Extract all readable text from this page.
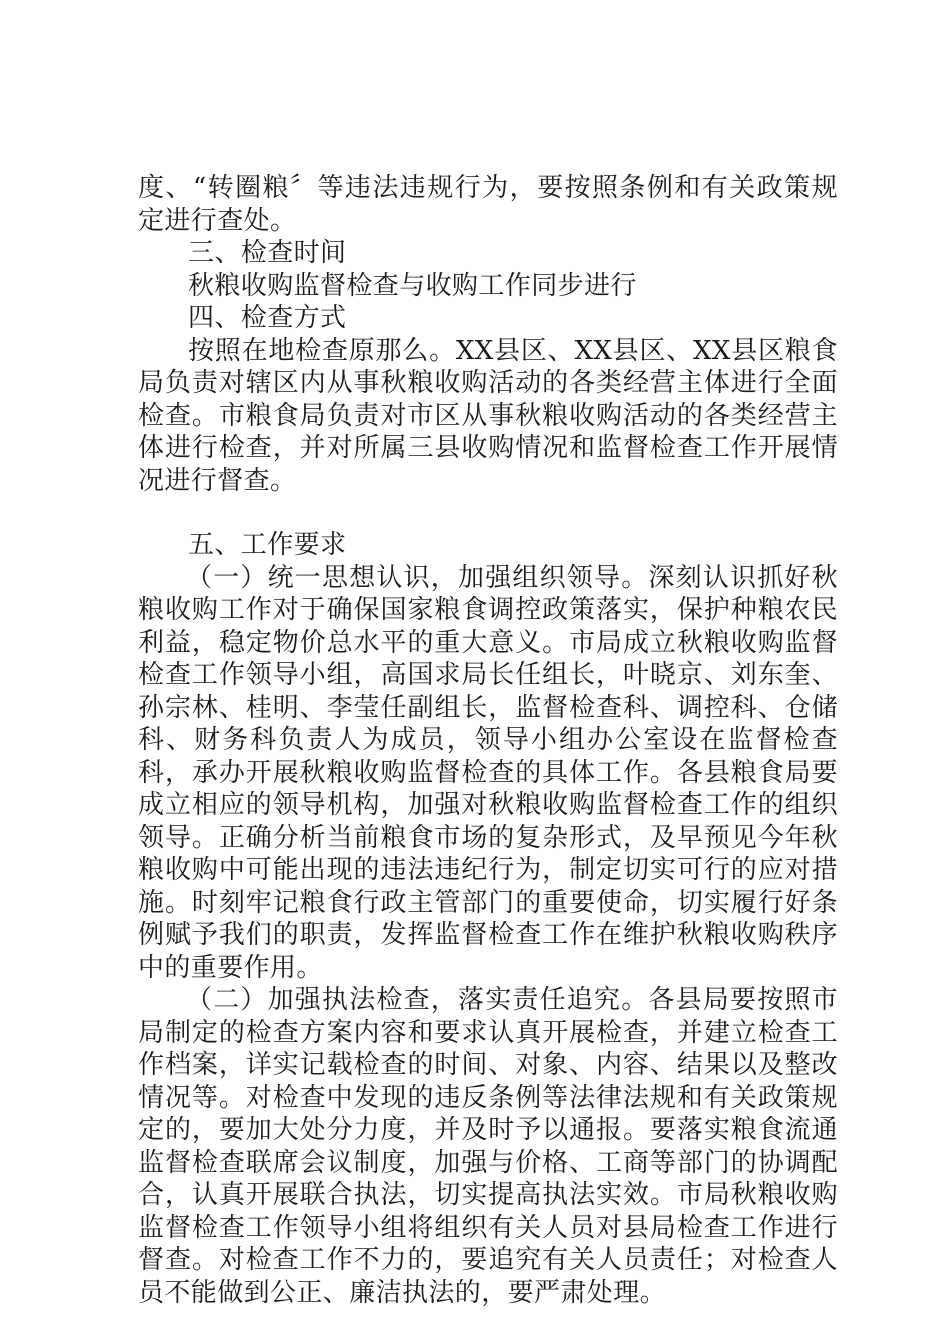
度、“转圈粮〞等违法违规行为，要按照条例和有关政策规定进行查处。

三、检查时间

秋粮收购监督检查与收购工作同步进行

四、检查方式

按照在地检查原那么。XX县区、XX县区、XX县区粮食局负责对辖区内从事秋粮收购活动的各类经营主体进行全面检查。市粮食局负责对市区从事秋粮收购活动的各类经营主体进行检查，并对所属三县收购情况和监督检查工作开展情况进行督查。

五、工作要求

（一）统一思想认识，加强组织领导。深刻认识抓好秋粮收购工作对于确保国家粮食调控政策落实，保护种粮农民利益，稳定物价总水平的重大意义。市局成立秋粮收购监督检查工作领导小组，高国求局长任组长，叶晓京、刘东奎、孙宗林、桂明、李莹任副组长，监督检查科、调控科、仓储科、财务科负责人为成员，领导小组办公室设在监督检查科，承办开展秋粮收购监督检查的具体工作。各县粮食局要成立相应的领导机构，加强对秋粮收购监督检查工作的组织领导。正确分析当前粮食市场的复杂形式，及早预见今年秋粮收购中可能出现的违法违纪行为，制定切实可行的应对措施。时刻牢记粮食行政主管部门的重要使命，切实履行好条例赋予我们的职责，发挥监督检查工作在维护秋粮收购秩序中的重要作用。

（二）加强执法检查，落实责任追究。各县局要按照市局制定的检查方案内容和要求认真开展检查，并建立检查工作档案，详实记载检查的时间、对象、内容、结果以及整改情况等。对检查中发现的违反条例等法律法规和有关政策规定的，要加大处分力度，并及时予以通报。要落实粮食流通监督检查联席会议制度，加强与价格、工商等部门的协调配合，认真开展联合执法，切实提高执法实效。市局秋粮收购监督检查工作领导小组将组织有关人员对县局检查工作进行督查。对检查工作不力的，要追究有关人员责任；对检查人员不能做到公正、廉洁执法的，要严肃处理。
